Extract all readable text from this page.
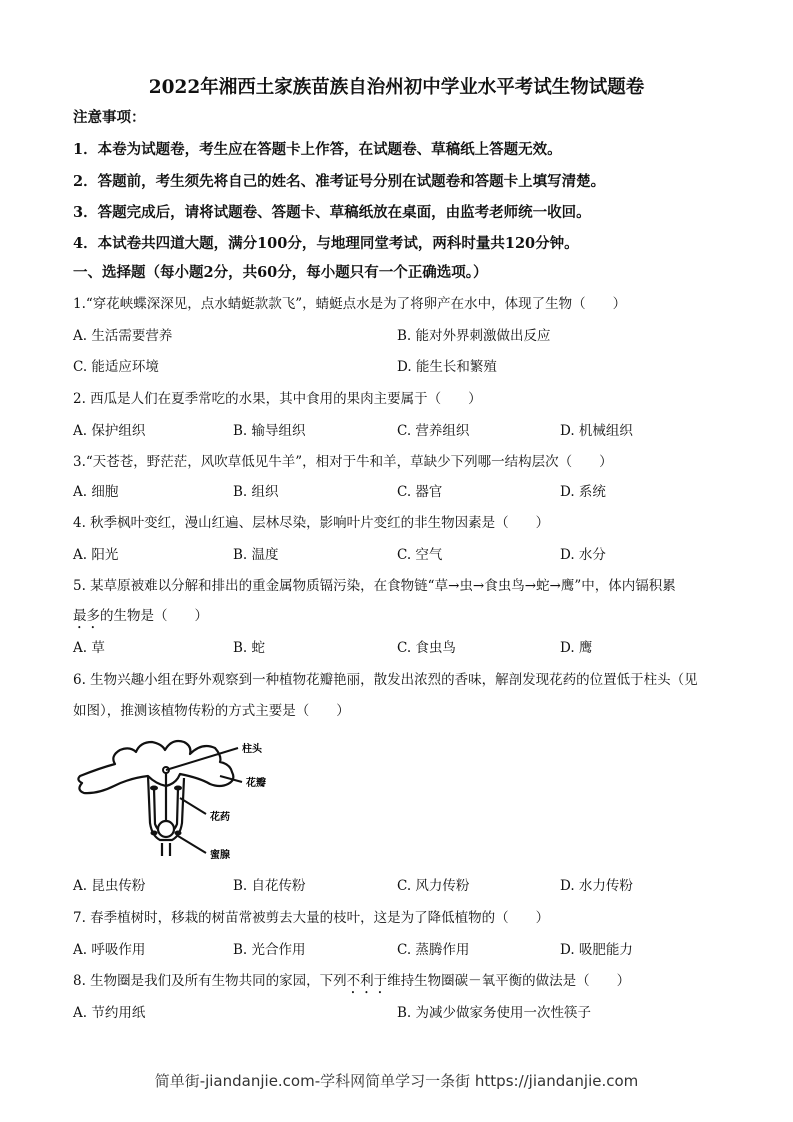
2022年湘西土家族苗族自治州初中学业水平考试生物试题卷
注意事项：
1．本卷为试题卷，考生应在答题卡上作答，在试题卷、草稿纸上答题无效。
2．答题前，考生须先将自己的姓名、准考证号分别在试题卷和答题卡上填写清楚。
3．答题完成后，请将试题卷、答题卡、草稿纸放在桌面，由监考老师统一收回。
4．本试卷共四道大题，满分100分，与地理同堂考试，两科时量共120分钟。
一、选择题（每小题2分，共60分，每小题只有一个正确选项。）
1.“穿花峡蝶深深见，点水蜻蜓款款飞”，蜻蜓点水是为了将卵产在水中，体现了生物（　　）
A. 生活需要营养	B. 能对外界刺激做出反应
C. 能适应环境	D. 能生长和繁殖
2. 西瓜是人们在夏季常吃的水果，其中食用的果肉主要属于（　　）
A. 保护组织	B. 输导组织	C. 营养组织	D. 机械组织
3.“天苍苍，野茫茫，风吹草低见牛羊”，相对于牛和羊，草缺少下列哪一结构层次（　　）
A. 细胞	B. 组织	C. 器官	D. 系统
4. 秋季枫叶变红，漫山红遍、层林尽染，影响叶片变红的非生物因素是（　　）
A. 阳光	B. 温度	C. 空气	D. 水分
5. 某草原被难以分解和排出的重金属物质镉污染，在食物链“草→虫→食虫鸟→蛇→鹰”中，体内镉积累
最多的生物是（　　）
A. 草	B. 蛇	C. 食虫鸟	D. 鹰
6. 生物兴趣小组在野外观察到一种植物花瓣艳丽，散发出浓烈的香味，解剖发现花药的位置低于柱头（见
如图），推测该植物传粉的方式主要是（　　）
柱头
花瓣
花药
蜜腺
A. 昆虫传粉	B. 自花传粉	C. 风力传粉	D. 水力传粉
7. 春季植树时，移栽的树苗常被剪去大量的枝叶，这是为了降低植物的（　　）
A. 呼吸作用	B. 光合作用	C. 蒸腾作用	D. 吸肥能力
8. 生物圈是我们及所有生物共同的家园，下列不利于维持生物圈碳－氧平衡的做法是（　　）
A. 节约用纸	B. 为减少做家务使用一次性筷子
简单街-jiandanjie.com-学科网简单学习一条街 https://jiandanjie.com
